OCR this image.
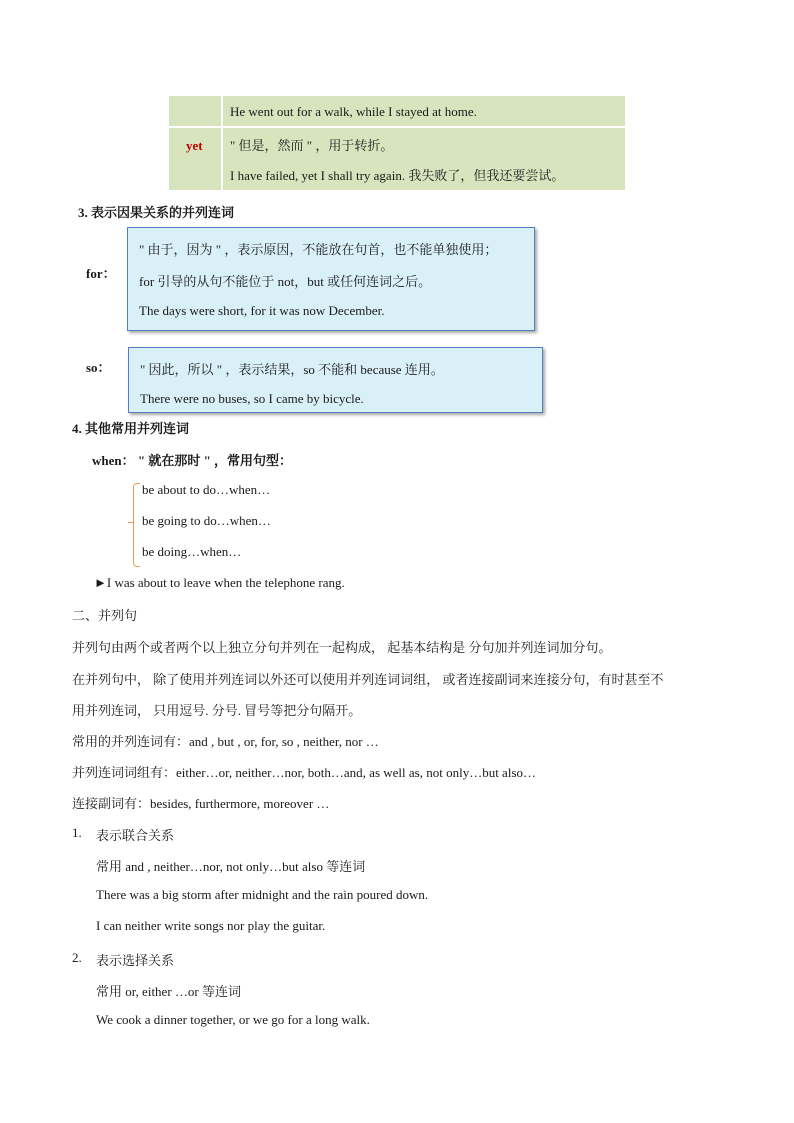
He went out for a walk, while I stayed at home.
yet " 但是，然而 " ，用于转折。
I have failed, yet I shall try again. 我失败了，但我还要尝试。
3. 表示因果关系的并列连词
for：
" 由于，因为 " ，表示原因，不能放在句首，也不能单独使用；
for 引导的从句不能位于 not，but 或任何连词之后。
The days were short, for it was now December.
so： " 因此，所以 " ，表示结果，so 不能和 because 连用。
There were no buses, so I came by bicycle.
4. 其他常用并列连词
when： " 就在那时 " ，常用句型：
be about to do…when…
be going to do…when…
be doing…when…
►I was about to leave when the telephone rang.
二、并列句
并列句由两个或者两个以上独立分句并列在一起构成， 起基本结构是 分句加并列连词加分句。
在并列句中， 除了使用并列连词以外还可以使用并列连词词组， 或者连接副词来连接分句，有时甚至不
用并列连词， 只用逗号. 分号. 冒号等把分句隔开。
常用的并列连词有：and , but , or, for, so , neither, nor …
并列连词词组有：either…or, neither…nor, both…and, as well as, not only…but also…
连接副词有：besides, furthermore, moreover …
1. 表示联合关系
常用 and , neither…nor, not only…but also 等连词
There was a big storm after midnight and the rain poured down.
I can neither write songs nor play the guitar.
2. 表示选择关系
常用 or, either …or 等连词
We cook a dinner together, or we go for a long walk.
